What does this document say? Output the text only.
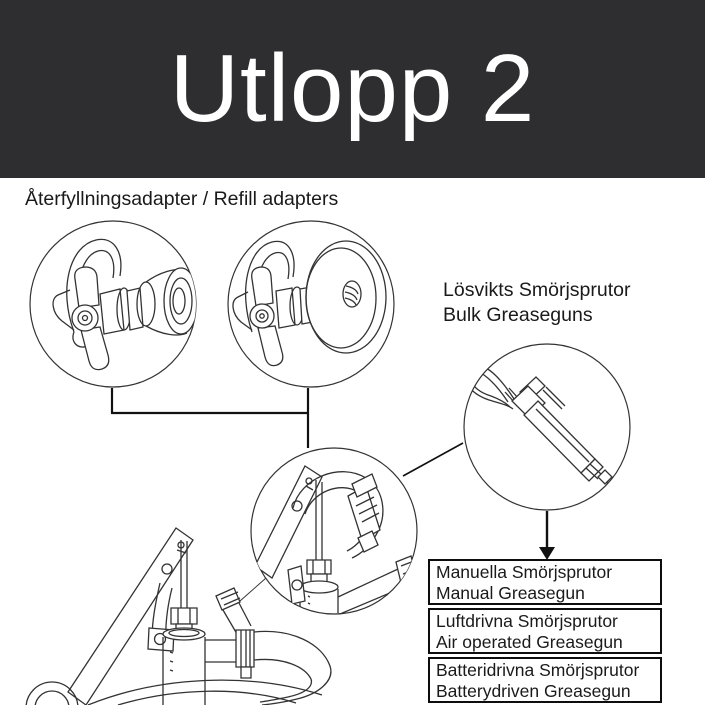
Utlopp 2
Återfyllningsadapter / Refill adapters
Lösvikts Smörjsprutor
Bulk Greaseguns
Manuella Smörjsprutor
Manual Greasegun
Luftdrivna Smörjsprutor
Air operated Greasegun
Batteridrivna Smörjsprutor
Batterydriven Greasegun
